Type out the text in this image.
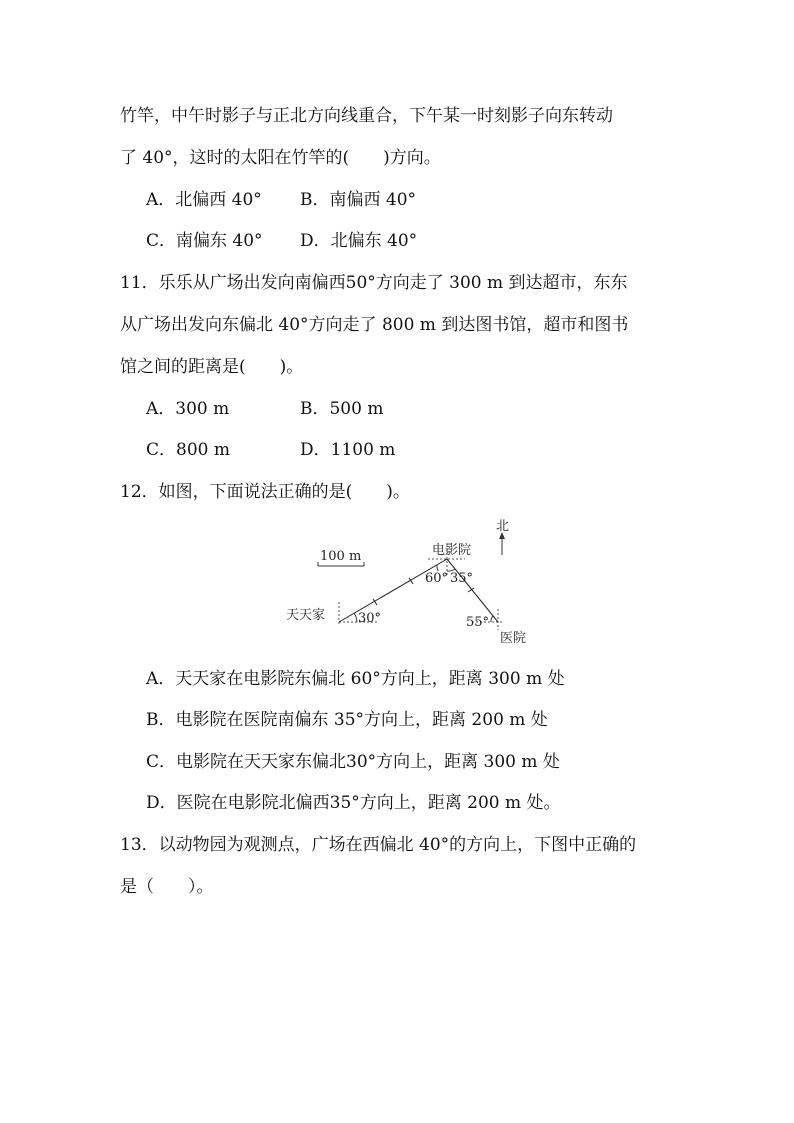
竹竿，中午时影子与正北方向线重合，下午某一时刻影子向东转动
了 40°，这时的太阳在竹竿的(　　)方向。
A．北偏西 40° B．南偏西 40°
C．南偏东 40° D．北偏东 40°
11．乐乐从广场出发向南偏西50°方向走了 300 m 到达超市，东东
从广场出发向东偏北 40°方向走了 800 m 到达图书馆，超市和图书
馆之间的距离是(　　)。
A．300 m	B．500 m
C．800 m	D．1100 m
12．如图，下面说法正确的是(　　)。
100 m
北
电影院
天天家
医院
30°
60° 35°
55°
A．天天家在电影院东偏北 60°方向上，距离 300 m 处
B．电影院在医院南偏东 35°方向上，距离 200 m 处
C．电影院在天天家东偏北30°方向上，距离 300 m 处
D．医院在电影院北偏西35°方向上，距离 200 m 处。
13．以动物园为观测点，广场在西偏北 40°的方向上，下图中正确的
是（　　）。
